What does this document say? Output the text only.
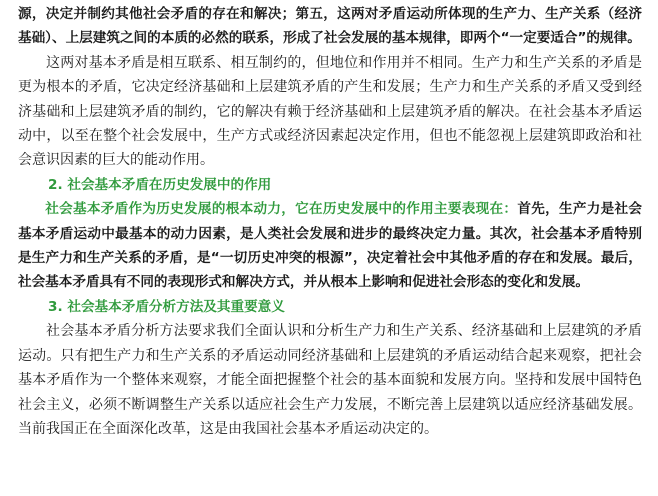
源，决定并制约其他社会矛盾的存在和解决；第五，这两对矛盾运动所体现的生产力、生产关系（经济基础）、上层建筑之间的本质的必然的联系，形成了社会发展的基本规律，即两个“一定要适合”的规律。

这两对基本矛盾是相互联系、相互制约的，但地位和作用并不相同。生产力和生产关系的矛盾是更为根本的矛盾，它决定经济基础和上层建筑矛盾的产生和发展；生产力和生产关系的矛盾又受到经济基础和上层建筑矛盾的制约，它的解决有赖于经济基础和上层建筑矛盾的解决。在社会基本矛盾运动中，以至在整个社会发展中，生产方式或经济因素起决定作用，但也不能忽视上层建筑即政治和社会意识因素的巨大的能动作用。

2. 社会基本矛盾在历史发展中的作用

社会基本矛盾作为历史发展的根本动力，它在历史发展中的作用主要表现在：首先，生产力是社会基本矛盾运动中最基本的动力因素，是人类社会发展和进步的最终决定力量。其次，社会基本矛盾特别是生产力和生产关系的矛盾，是“一切历史冲突的根源”，决定着社会中其他矛盾的存在和发展。最后，社会基本矛盾具有不同的表现形式和解决方式，并从根本上影响和促进社会形态的变化和发展。

3. 社会基本矛盾分析方法及其重要意义

社会基本矛盾分析方法要求我们全面认识和分析生产力和生产关系、经济基础和上层建筑的矛盾运动。只有把生产力和生产关系的矛盾运动同经济基础和上层建筑的矛盾运动结合起来观察，把社会基本矛盾作为一个整体来观察，才能全面把握整个社会的基本面貌和发展方向。坚持和发展中国特色社会主义，必须不断调整生产关系以适应社会生产力发展，不断完善上层建筑以适应经济基础发展。当前我国正在全面深化改革，这是由我国社会基本矛盾运动决定的。
